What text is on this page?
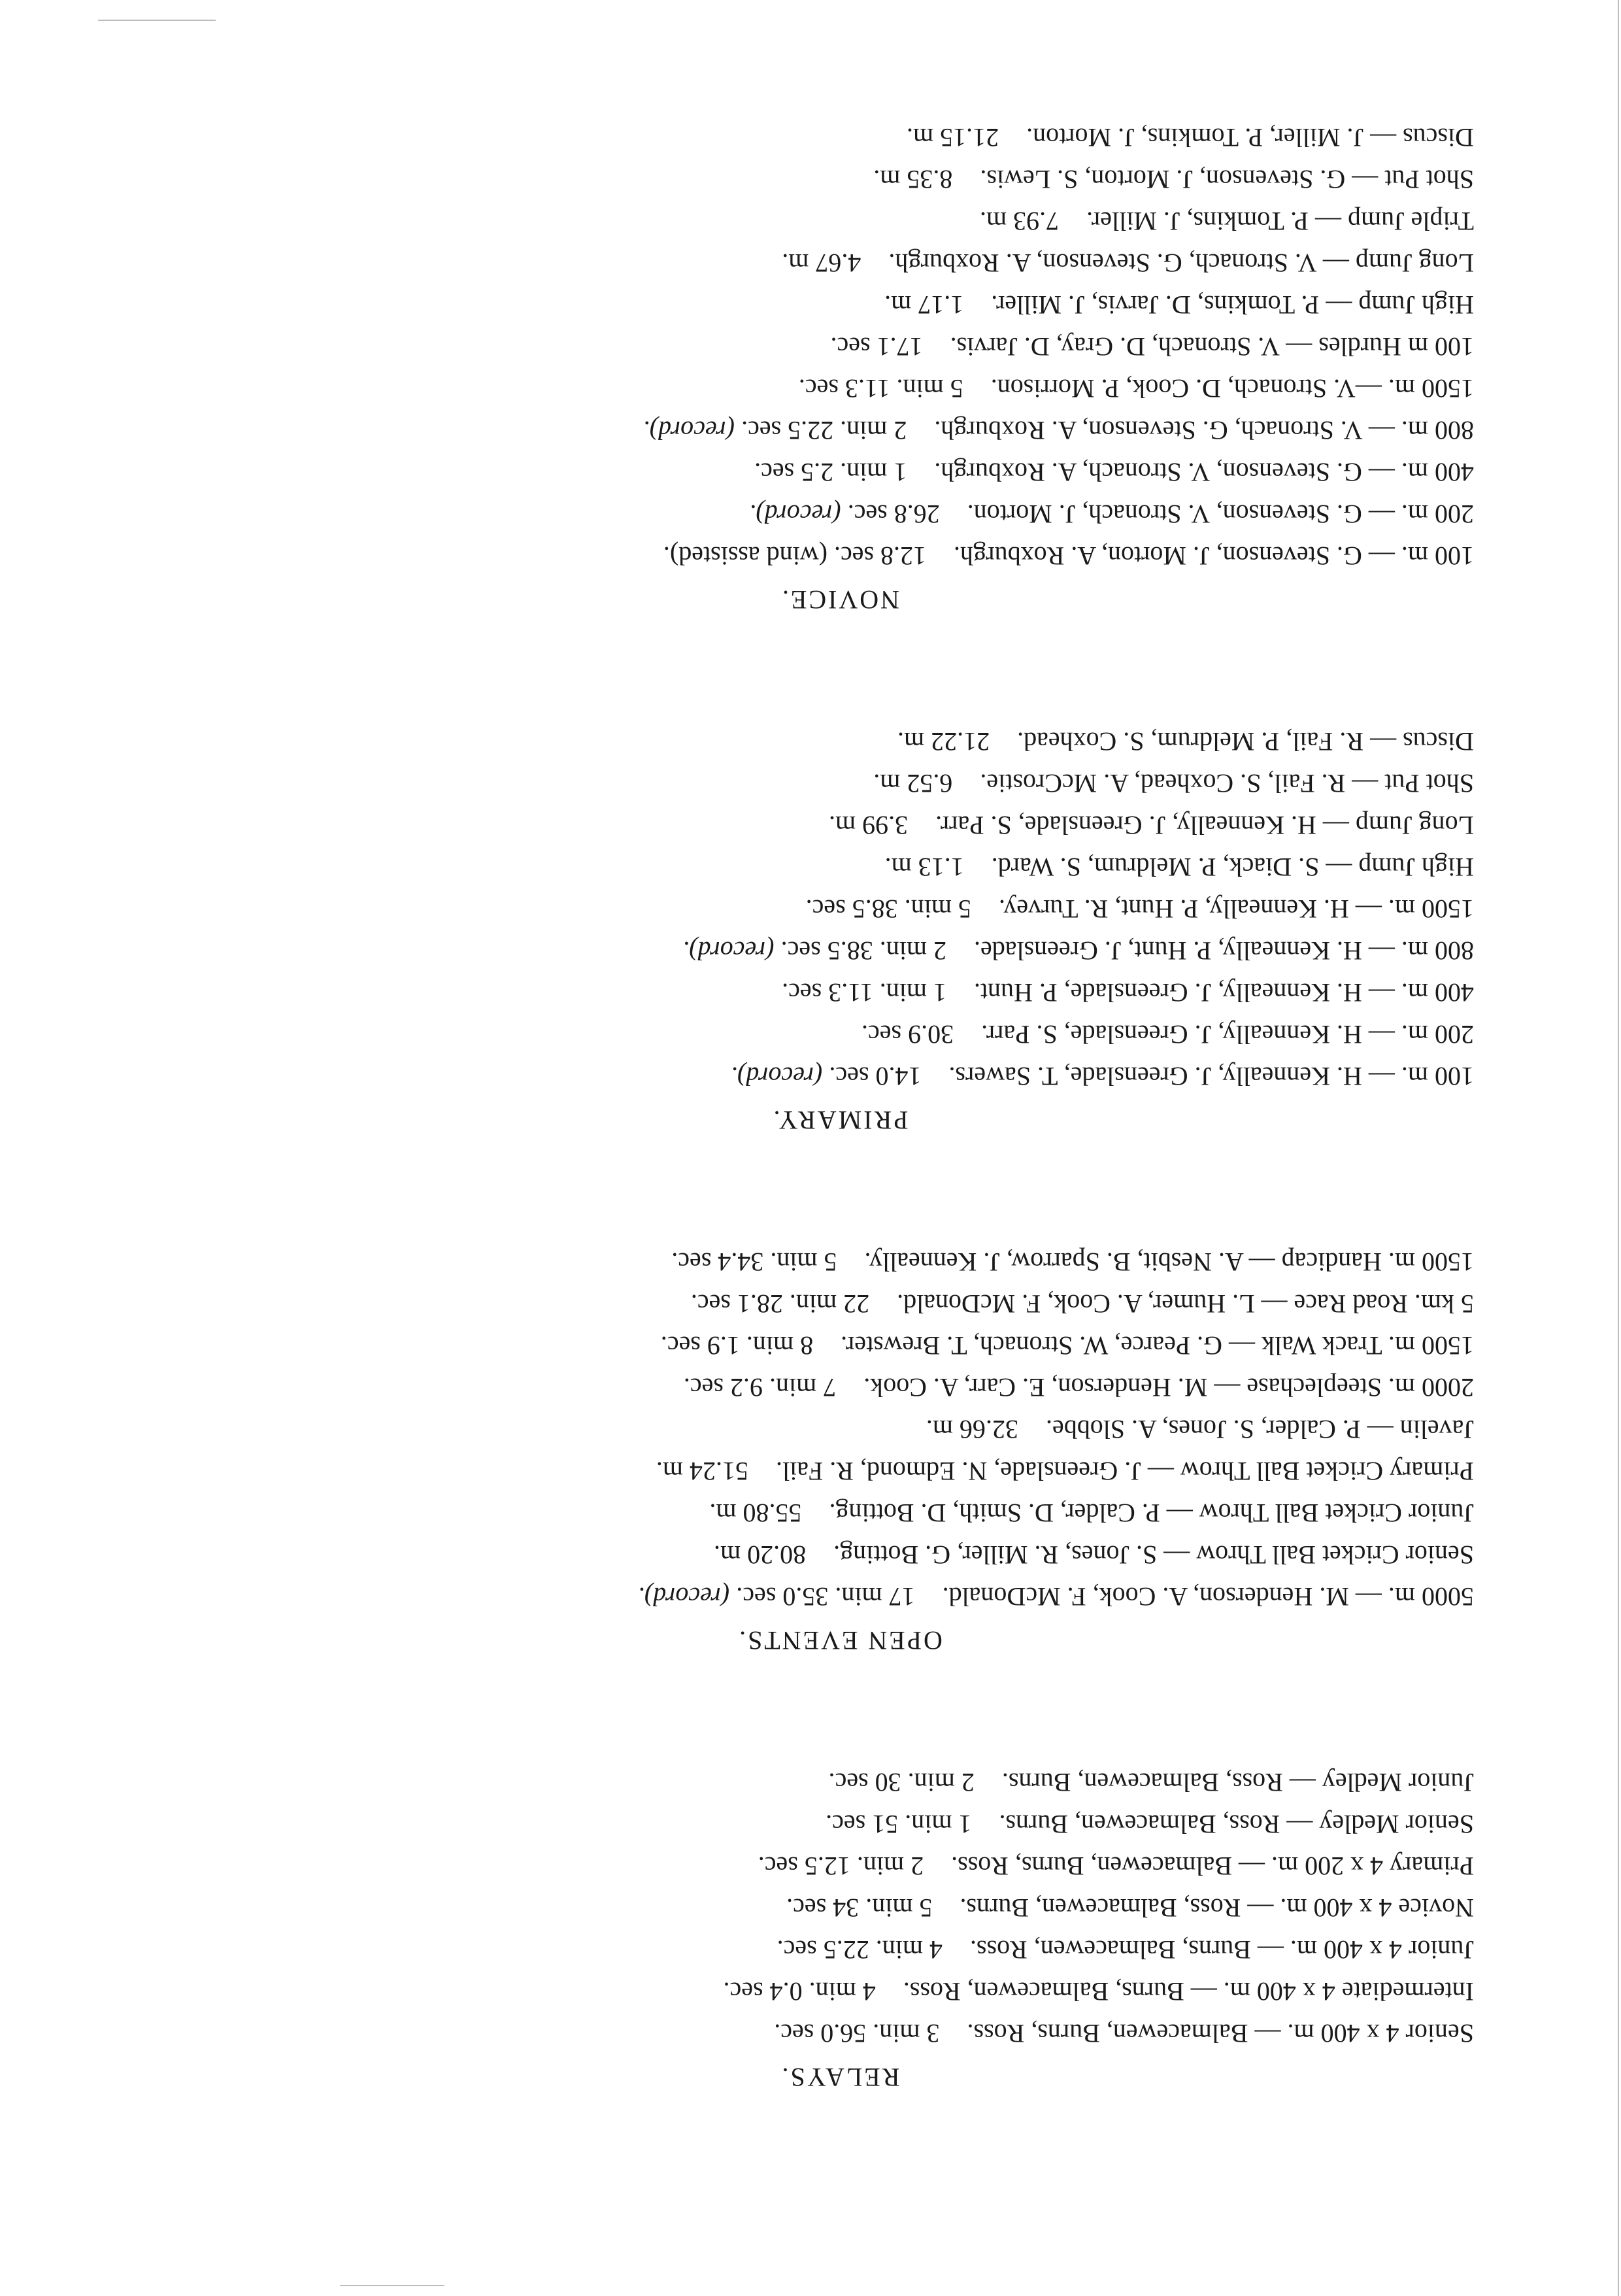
RELAYS.

Senior 4 x 400 m. — Balmacewen, Burns, Ross.3 min. 56.0 sec.

Intermediate 4 x 400 m. — Burns, Balmacewen, Ross.4 min. 0.4 sec.

Junior 4 x 400 m. — Burns, Balmacewen, Ross.4 min. 22.5 sec.

Novice 4 x 400 m. — Ross, Balmacewen, Burns.5 min. 34 sec.

Primary 4 x 200 m. — Balmacewen, Burns, Ross.2 min. 12.5 sec.

Senior Medley — Ross, Balmacewen, Burns.1 min. 51 sec.

Junior Medley — Ross, Balmacewen, Burns.2 min. 30 sec.

OPEN EVENTS.

5000 m. — M. Henderson, A. Cook, F. McDonald.17 min. 35.0 sec. (record).

Senior Cricket Ball Throw — S. Jones, R. Miller, G. Botting.80.20 m.

Junior Cricket Ball Throw — P. Calder, D. Smith, D. Botting.55.80 m.

Primary Cricket Ball Throw — J. Greenslade, N. Edmond, R. Fail.51.24 m.

Javelin — P. Calder, S. Jones, A. Slobbe.32.66 m.

2000 m. Steeplechase — M. Henderson, E. Carr, A. Cook.7 min. 9.2 sec.

1500 m. Track Walk — G. Pearce, W. Stronach, T. Brewster.8 min. 1.9 sec.

5 km. Road Race — L. Humer, A. Cook, F. McDonald.22 min. 28.1 sec.

1500 m. Handicap — A. Nesbit, B. Sparrow, J. Kenneally.5 min. 34.4 sec.

PRIMARY.

100 m. — H. Kenneally, J. Greenslade, T. Sawers.14.0 sec. (record).

200 m. — H. Kenneally, J. Greenslade, S. Parr.30.9 sec.

400 m. — H. Kenneally, J. Greenslade, P. Hunt.1 min. 11.3 sec.

800 m. — H. Kenneally, P. Hunt, J. Greenslade.2 min. 38.5 sec. (record).

1500 m. — H. Kenneally, P. Hunt, R. Turvey.5 min. 38.5 sec.

High Jump — S. Diack, P. Meldrum, S. Ward.1.13 m.

Long Jump — H. Kenneally, J. Greenslade, S. Parr.3.99 m.

Shot Put — R. Fail, S. Coxhead, A. McCrostie.6.52 m.

Discus — R. Fail, P. Meldrum, S. Coxhead.21.22 m.

NOVICE.

100 m. — G. Stevenson, J. Morton, A. Roxburgh.12.8 sec. (wind assisted).

200 m. — G. Stevenson, V. Stronach, J. Morton.26.8 sec. (record).

400 m. — G. Stevenson, V. Stronach, A. Roxburgh.1 min. 2.5 sec.

800 m. — V. Stronach, G. Stevenson, A. Roxburgh.2 min. 22.5 sec. (record).

1500 m. —V. Stronach, D. Cook, P. Morrison.5 min. 11.3 sec.

100 m Hurdles — V. Stronach, D. Gray, D. Jarvis.17.1 sec.

High Jump — P. Tomkins, D. Jarvis, J. Miller.1.17 m.

Long Jump — V. Stronach, G. Stevenson, A. Roxburgh.4.67 m.

Triple Jump — P. Tomkins, J. Miller.7.93 m.

Shot Put — G. Stevenson, J. Morton, S. Lewis.8.35 m.

Discus — J. Miller, P. Tomkins, J. Morton.21.15 m.
